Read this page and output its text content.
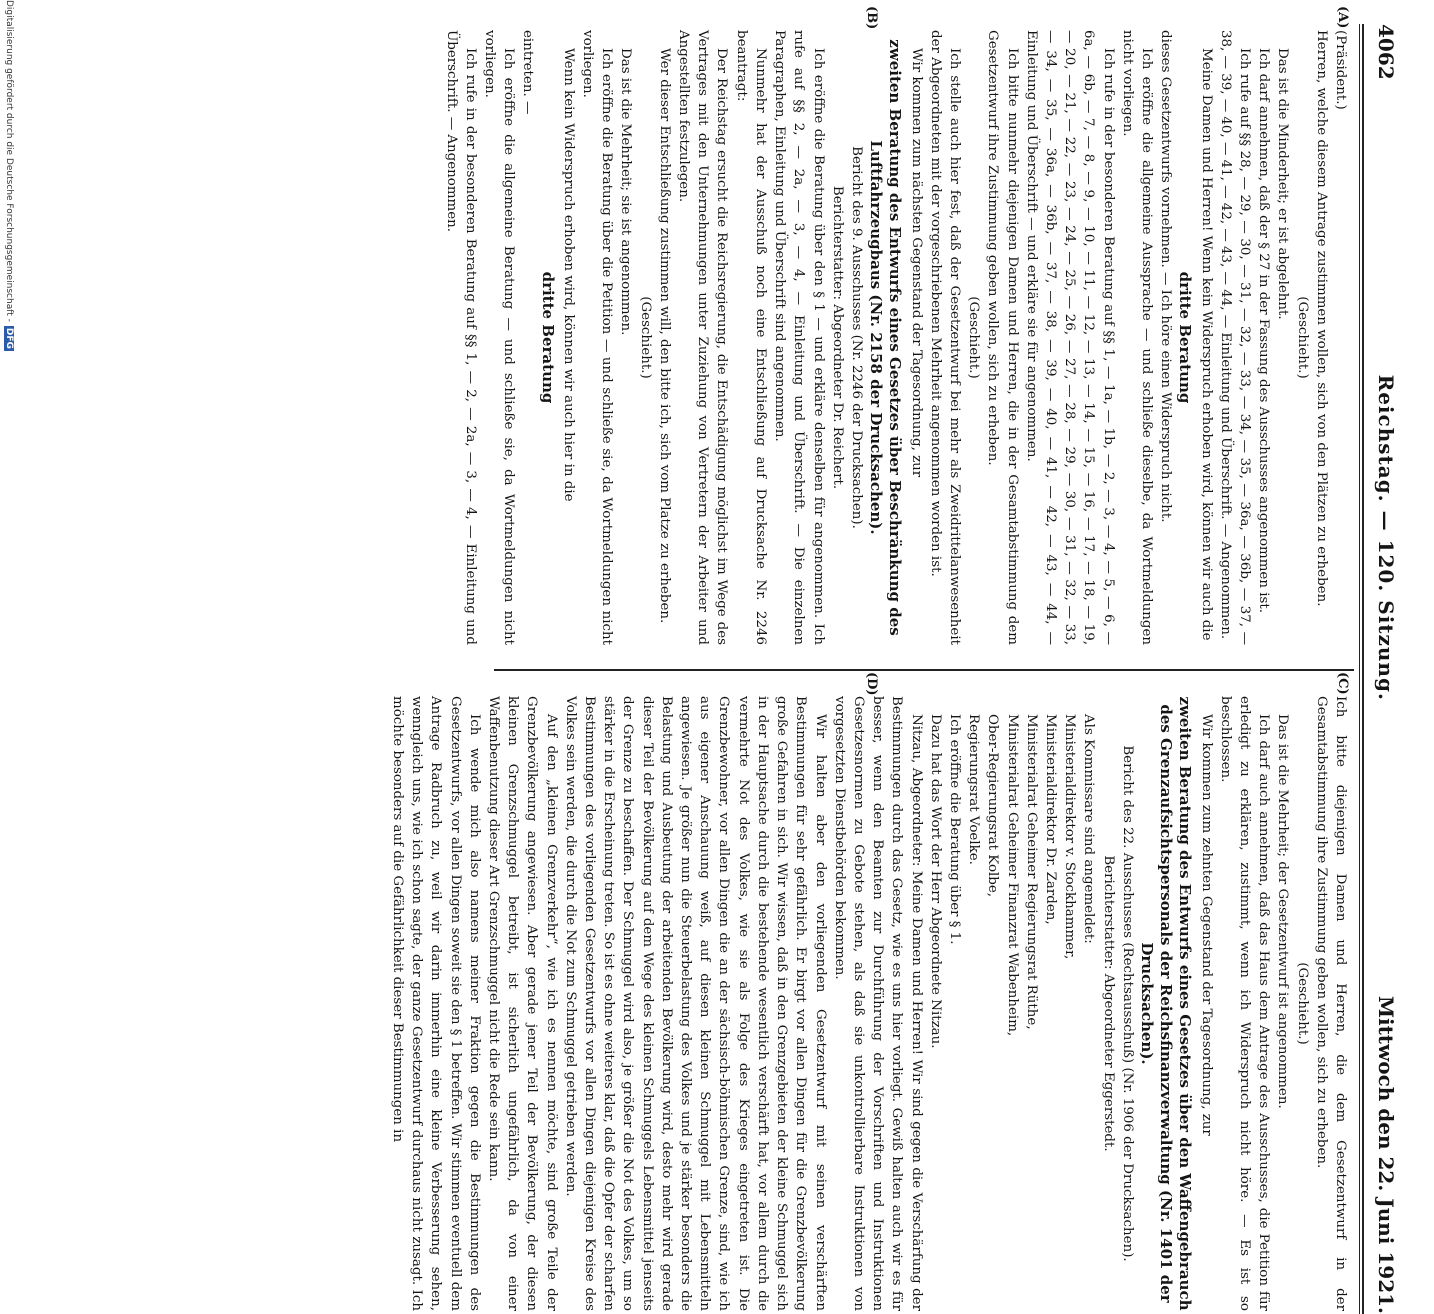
4062
Reichstag. — 120. Sitzung.
Mittwoch den 22. Juni 1921.
(A)
(B)
(C)
(D)

(Präsident.)

Herren, welche diesem Antrage zustimmen wollen, sich von den Plätzen zu erheben.

(Geschieht.)

Das ist die Minderheit; er ist abgelehnt.

Ich darf annehmen, daß der § 27 in der Fassung des Ausschusses angenommen ist.

Ich rufe auf §§ 28, — 29, — 30, — 31, — 32, — 33, — 34, — 35, — 36a, — 36b, — 37, — 38, — 39, — 40, — 41, — 42, — 43, — 44, — Einleitung und Überschrift. — Angenommen.

Meine Damen und Herren! Wenn kein Widerspruch erhoben wird, können wir auch die

dritte Beratung

dieses Gesetzentwurfs vornehmen. — Ich höre einen Widerspruch nicht.

Ich eröffne die allgemeine Aussprache — und schließe dieselbe, da Wortmeldungen nicht vorliegen.

Ich rufe in der besonderen Beratung auf §§ 1, — 1a, — 1b, — 2, — 3, — 4, — 5, — 6, — 6a, — 6b, — 7, — 8, — 9, — 10, — 11, — 12, — 13, — 14, — 15, — 16, — 17, — 18, — 19, — 20, — 21, — 22, — 23, — 24, — 25, — 26, — 27, — 28, — 29, — 30, — 31, — 32, — 33, — 34, — 35, — 36a, — 36b, — 37, — 38, — 39, — 40, — 41, — 42, — 43, — 44, — Einleitung und Überschrift — und erkläre sie für angenommen.

Ich bitte nunmehr diejenigen Damen und Herren, die in der Gesamtabstimmung dem Gesetzentwurf ihre Zustimmung geben wollen, sich zu erheben.

(Geschieht.)

Ich stelle auch hier fest, daß der Gesetzentwurf bei mehr als Zweidrittelanwesenheit der Abgeordneten mit der vorgeschriebenen Mehrheit angenommen worden ist.

Wir kommen zum nächsten Gegenstand der Tagesordnung, zur

zweiten Beratung des Entwurfs eines Gesetzes über Beschränkung des Luftfahrzeugbaus (Nr. 2158 der Drucksachen).

Bericht des 9. Ausschusses (Nr. 2246 der Drucksachen).

Berichterstatter: Abgeordneter Dr. Reichert.

Ich eröffne die Beratung über den § 1 — und erkläre denselben für angenommen. Ich rufe auf §§ 2, — 2a, — 3, — 4, — Einleitung und Überschrift. — Die einzelnen Paragraphen, Einleitung und Überschrift sind angenommen.

Nunmehr hat der Ausschuß noch eine Entschließung auf Drucksache Nr. 2246 beantragt:

Der Reichstag ersucht die Reichsregierung, die Entschädigung möglichst im Wege des Vertrages mit den Unternehmungen unter Zuziehung von Vertretern der Arbeiter und Angestellten festzulegen.

Wer dieser Entschließung zustimmen will, den bitte ich, sich vom Platze zu erheben.

(Geschieht.)

Das ist die Mehrheit; sie ist angenommen.

Ich eröffne die Beratung über die Petition — und schließe sie, da Wortmeldungen nicht vorliegen.

Wenn kein Widerspruch erhoben wird, können wir auch hier in die

dritte Beratung

eintreten. —

Ich eröffne die allgemeine Beratung — und schließe sie, da Wortmeldungen nicht vorliegen.

Ich rufe in der besonderen Beratung auf §§ 1, — 2, — 2a, — 3, — 4, — Einleitung und Überschrift. — Angenommen.

Ich bitte diejenigen Damen und Herren, die dem Gesetzentwurf in der Gesamtabstimmung ihre Zustimmung geben wollen, sich zu erheben.

(Geschieht.)

Das ist die Mehrheit; der Gesetzentwurf ist angenommen.

Ich darf auch annehmen, daß das Haus dem Antrage des Ausschusses, die Petition für erledigt zu erklären, zustimmt, wenn ich Widerspruch nicht höre. — Es ist so beschlossen.

Wir kommen zum zehnten Gegenstand der Tagesordnung, zur

zweiten Beratung des Entwurfs eines Gesetzes über den Waffengebrauch des Grenzaufsichtspersonals der Reichsfinanzverwaltung (Nr. 1401 der Drucksachen).

Bericht des 22. Ausschusses (Rechtsausschuß) (Nr. 1906 der Drucksachen).

Berichterstatter: Abgeordneter Eggerstedt.

Als Kommissare sind angemeldet:

Ministerialdirektor v. Stockhammer,

Ministerialdirektor Dr. Zarden,

Ministerialrat Geheimer Regierungsrat Rüthe,

Ministerialrat Geheimer Finanzrat Wabenheim,

Ober-Regierungsrat Kolbe,

Regierungsrat Voelke.

Ich eröffne die Beratung über § 1.

Dazu hat das Wort der Herr Abgeordnete Nitzau.

Nitzau, Abgeordneter: Meine Damen und Herren! Wir sind gegen die Verschärfung der Bestimmungen durch das Gesetz, wie es uns hier vorliegt. Gewiß halten auch wir es für besser, wenn den Beamten zur Durchführung der Vorschriften und Instruktionen Gesetzesnormen zu Gebote stehen, als daß sie unkontrollierbare Instruktionen von vorgesetzten Dienstbehörden bekommen.

Wir halten aber den vorliegenden Gesetzentwurf mit seinen verschärften Bestimmungen für sehr gefährlich. Er birgt vor allen Dingen für die Grenzbevölkerung große Gefahren in sich. Wir wissen, daß in den Grenzgebieten der kleine Schmuggel sich in der Hauptsache durch die bestehende wesentlich verschärft hat, vor allem durch die vermehrte Not des Volkes, wie sie als Folge des Krieges eingetreten ist. Die Grenzbewohner, vor allen Dingen die an der sächsisch-böhmischen Grenze, sind, wie ich aus eigener Anschauung weiß, auf diesen kleinen Schmuggel mit Lebensmitteln angewiesen. Je größer nun die Steuerbelastung des Volkes und je stärker besonders die Belastung und Ausbeutung der arbeitenden Bevölkerung wird, desto mehr wird gerade dieser Teil der Bevölkerung auf dem Wege des kleinen Schmuggels Lebensmittel jenseits der Grenze zu beschaffen. Der Schmuggel wird also, je größer die Not des Volkes, um so stärker in die Erscheinung treten. So ist es ohne weiteres klar, daß die Opfer der scharfen Bestimmungen des vorliegenden Gesetzentwurfs vor allen Dingen diejenigen Kreise des Volkes sein werden, die durch die Not zum Schmuggel getrieben werden.

Auf den „kleinen Grenzverkehr“, wie ich es nennen möchte, sind große Teile der Grenzbevölkerung angewiesen. Aber gerade jener Teil der Bevölkerung, der diesen kleinen Grenzschmuggel betreibt, ist sicherlich ungefährlich, da von einer Waffenbenutzung dieser Art Grenzschmuggel nicht die Rede sein kann.

Ich wende mich also namens meiner Fraktion gegen die Bestimmungen des Gesetzentwurfs, vor allen Dingen soweit sie den § 1 betreffen. Wir stimmen eventuell dem Antrage Radbruch zu, weil wir darin immerhin eine kleine Verbesserung sehen, wenngleich uns, wie ich schon sagte, der ganze Gesetzentwurf durchaus nicht zusagt. Ich möchte besonders auf die Gefährlichkeit dieser Bestimmungen in

Digitalisierung gefördert durch die Deutsche Forschungsgemeinschaft -DFG
